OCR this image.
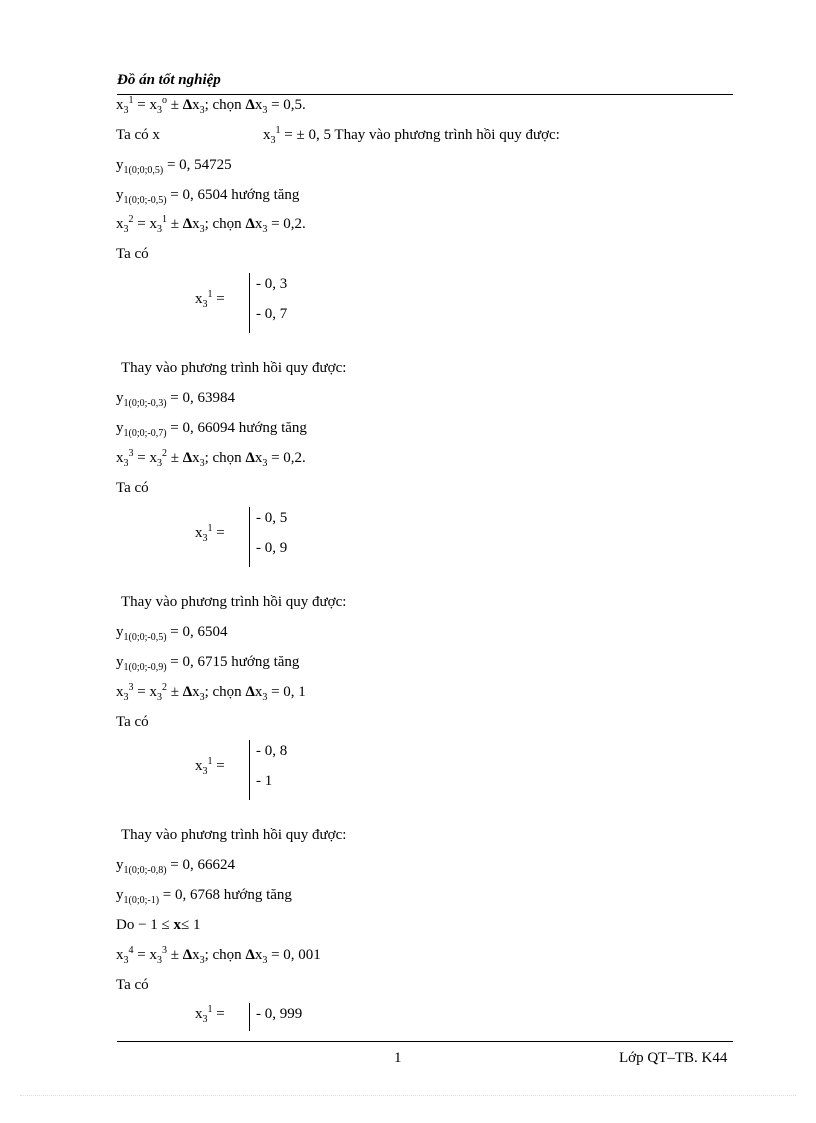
Đồ án tốt nghiệp
$x_3^1 = x_3^o \pm \Delta x_3$; chọn $\Delta x_3 = 0,5$.
Ta có x	$x_3^1$ = ± 0, 5 Thay vào phương trình hồi quy được:
$y_{1(0;0;0,5)} = 0$, 54725
$y_{1(0;0;-0,5)} = 0$, 6504 hướng tăng
$x_3^2 = x_3^1 \pm \Delta x_3$; chọn $\Delta x_3 = 0,2$.
Ta có
$x_3^1$ =
- 0, 3
- 0, 7
Thay vào phương trình hồi quy được:
$y_{1(0;0;-0,3)} = 0$, 63984
$y_{1(0;0;-0,7)} = 0$, 66094 hướng tăng
$x_3^3 = x_3^2 \pm \Delta x_3$; chọn $\Delta x_3 = 0,2$.
Ta có
$x_3^1$ =
- 0, 5
- 0, 9
Thay vào phương trình hồi quy được:
$y_{1(0;0;-0,5)} = 0$, 6504
$y_{1(0;0;-0,9)} = 0$, 6715 hướng tăng
$x_3^3 = x_3^2 \pm \Delta x_3$; chọn $\Delta x_3 = 0$, 1
Ta có
$x_3^1$ =
- 0, 8
- 1
Thay vào phương trình hồi quy được:
$y_{1(0;0;-0,8)} = 0$, 66624
$y_{1(0;0;-1)} = 0$, 6768 hướng tăng
Do − 1 ≤ x≤ 1
$x_3^4 = x_3^3 \pm \Delta x_3$; chọn $\Delta x_3 = 0$, 001
Ta có
$x_3^1$ = - 0, 999
1	Lớp QT–TB. K44
